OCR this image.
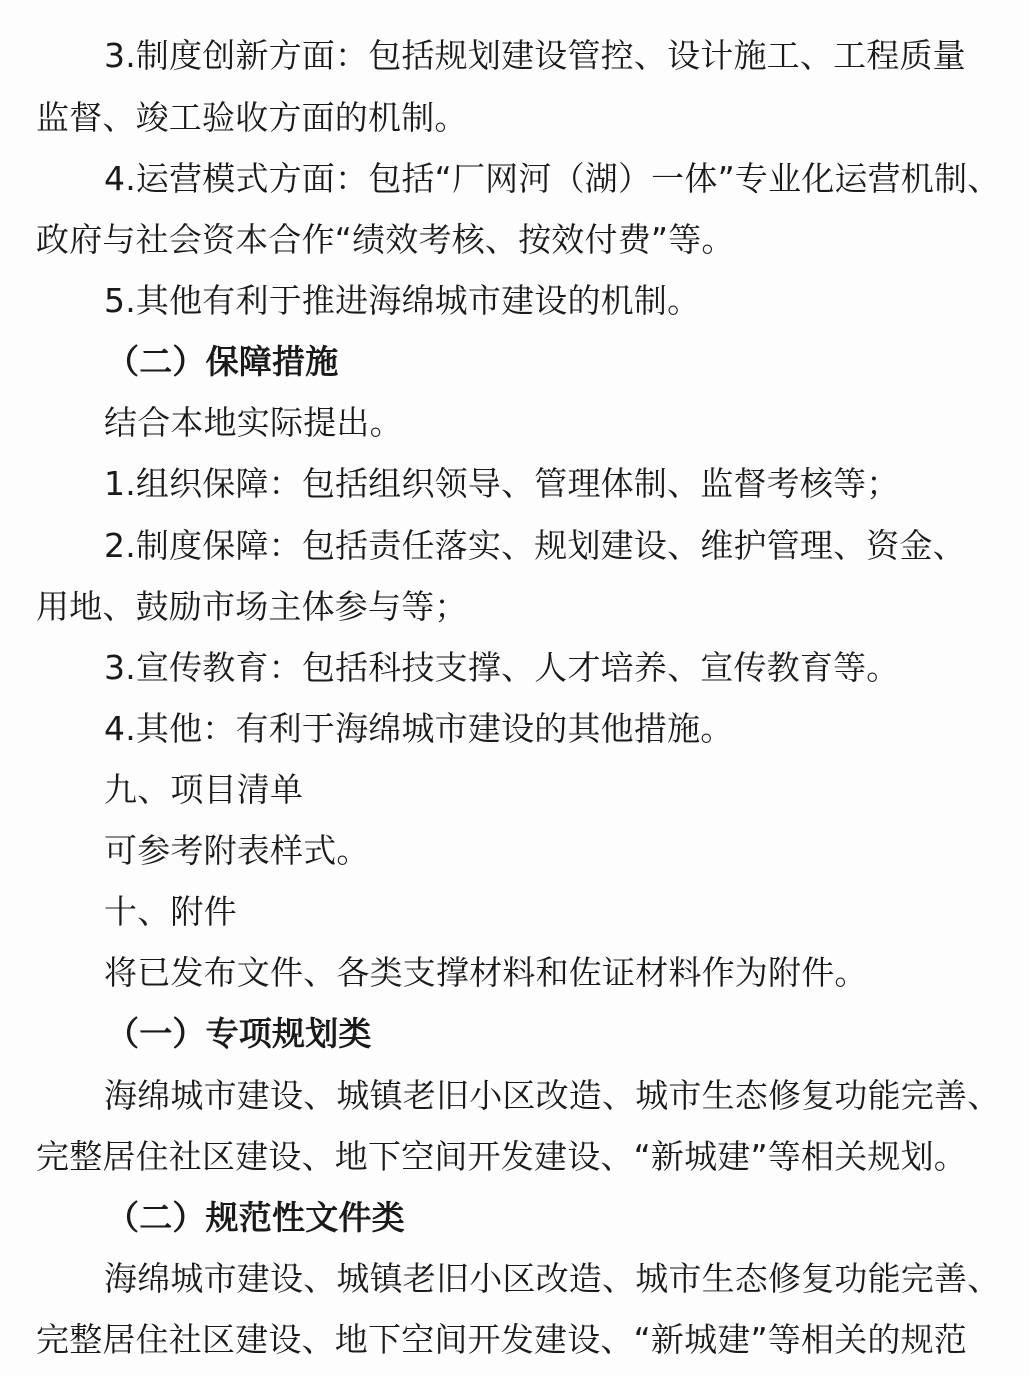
3.制度创新方面：包括规划建设管控、设计施工、工程质量
监督、竣工验收方面的机制。
4.运营模式方面：包括“厂网河（湖）一体”专业化运营机制、
政府与社会资本合作“绩效考核、按效付费”等。
5.其他有利于推进海绵城市建设的机制。
（二）保障措施
结合本地实际提出。
1.组织保障：包括组织领导、管理体制、监督考核等；
2.制度保障：包括责任落实、规划建设、维护管理、资金、
用地、鼓励市场主体参与等；
3.宣传教育：包括科技支撑、人才培养、宣传教育等。
4.其他：有利于海绵城市建设的其他措施。
九、项目清单
可参考附表样式。
十、附件
将已发布文件、各类支撑材料和佐证材料作为附件。
（一）专项规划类
海绵城市建设、城镇老旧小区改造、城市生态修复功能完善、
完整居住社区建设、地下空间开发建设、“新城建”等相关规划。
（二）规范性文件类
海绵城市建设、城镇老旧小区改造、城市生态修复功能完善、
完整居住社区建设、地下空间开发建设、“新城建”等相关的规范
